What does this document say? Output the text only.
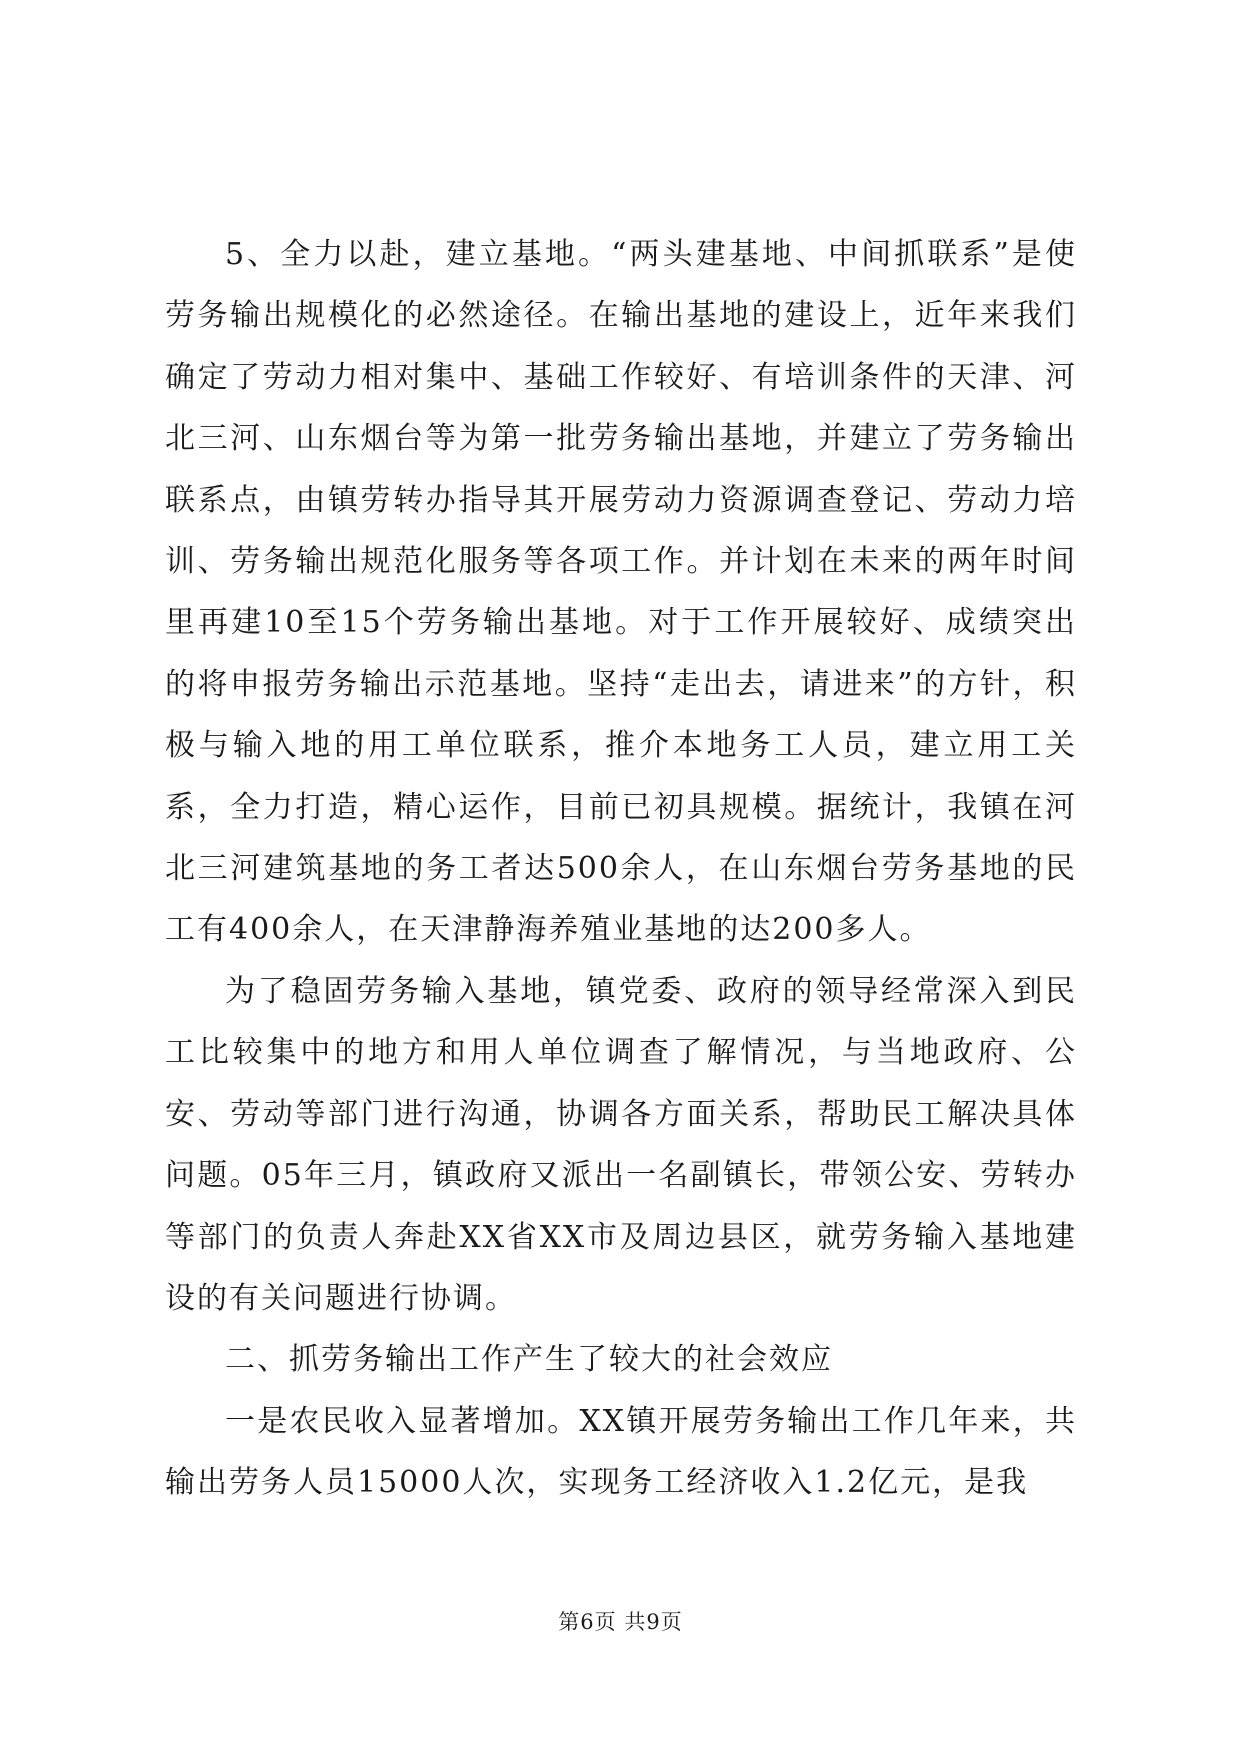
5、全力以赴，建立基地。“两头建基地、中间抓联系”是使劳务输出规模化的必然途径。在输出基地的建设上，近年来我们确定了劳动力相对集中、基础工作较好、有培训条件的天津、河北三河、山东烟台等为第一批劳务输出基地，并建立了劳务输出联系点，由镇劳转办指导其开展劳动力资源调查登记、劳动力培训、劳务输出规范化服务等各项工作。并计划在未来的两年时间里再建10至15个劳务输出基地。对于工作开展较好、成绩突出的将申报劳务输出示范基地。坚持“走出去，请进来”的方针，积极与输入地的用工单位联系，推介本地务工人员，建立用工关系，全力打造，精心运作，目前已初具规模。据统计，我镇在河北三河建筑基地的务工者达500余人，在山东烟台劳务基地的民工有400余人，在天津静海养殖业基地的达200多人。

为了稳固劳务输入基地，镇党委、政府的领导经常深入到民工比较集中的地方和用人单位调查了解情况，与当地政府、公安、劳动等部门进行沟通，协调各方面关系，帮助民工解决具体问题。05年三月，镇政府又派出一名副镇长，带领公安、劳转办等部门的负责人奔赴XX省XX市及周边县区，就劳务输入基地建设的有关问题进行协调。

二、抓劳务输出工作产生了较大的社会效应

一是农民收入显著增加。XX镇开展劳务输出工作几年来，共输出劳务人员15000人次，实现务工经济收入1.2亿元，是我

第6页 共9页
